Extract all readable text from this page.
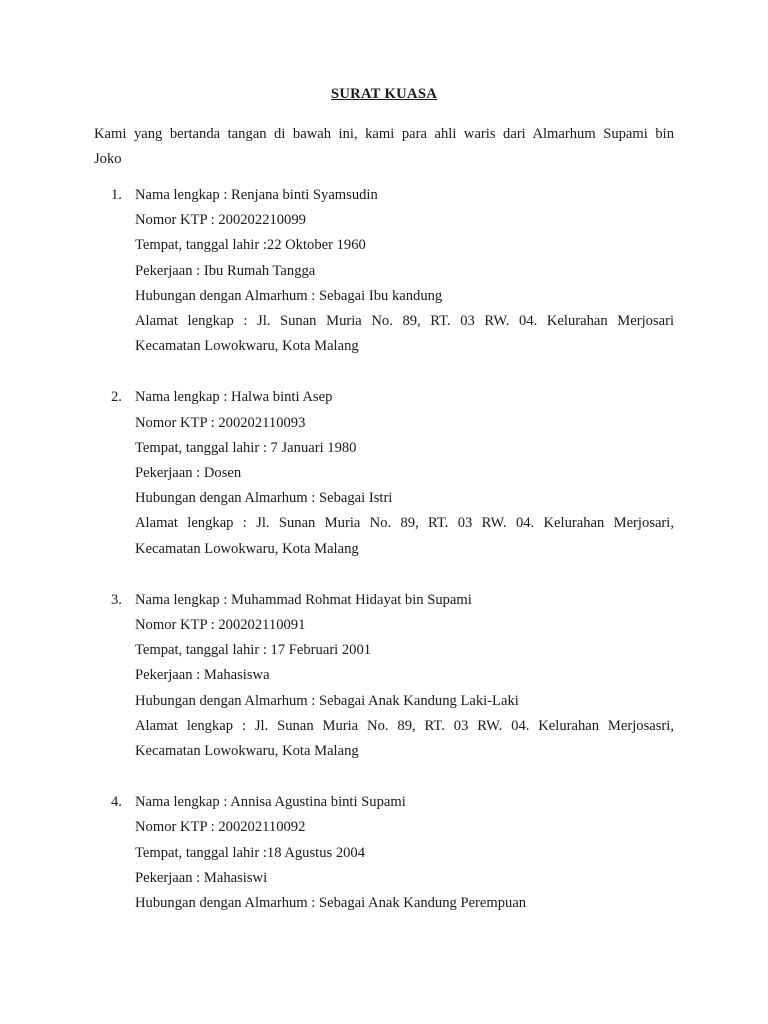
SURAT KUASA
Kami yang bertanda tangan di bawah ini, kami para ahli waris dari Almarhum Supami bin
Joko
1. Nama lengkap : Renjana binti Syamsudin
Nomor KTP : 200202210099
Tempat, tanggal lahir :22 Oktober 1960
Pekerjaan : Ibu Rumah Tangga
Hubungan dengan Almarhum : Sebagai Ibu kandung
Alamat lengkap : Jl. Sunan Muria No. 89, RT. 03 RW. 04. Kelurahan Merjosari
Kecamatan Lowokwaru, Kota Malang
2. Nama lengkap : Halwa binti Asep
Nomor KTP : 200202110093
Tempat, tanggal lahir : 7 Januari 1980
Pekerjaan : Dosen
Hubungan dengan Almarhum : Sebagai Istri
Alamat lengkap : Jl. Sunan Muria No. 89, RT. 03 RW. 04. Kelurahan Merjosari,
Kecamatan Lowokwaru, Kota Malang
3. Nama lengkap : Muhammad Rohmat Hidayat bin Supami
Nomor KTP : 200202110091
Tempat, tanggal lahir : 17 Februari 2001
Pekerjaan : Mahasiswa
Hubungan dengan Almarhum : Sebagai Anak Kandung Laki-Laki
Alamat lengkap : Jl. Sunan Muria No. 89, RT. 03 RW. 04. Kelurahan Merjosasri,
Kecamatan Lowokwaru, Kota Malang
4. Nama lengkap : Annisa Agustina binti Supami
Nomor KTP : 200202110092
Tempat, tanggal lahir :18 Agustus 2004
Pekerjaan : Mahasiswi
Hubungan dengan Almarhum : Sebagai Anak Kandung Perempuan
